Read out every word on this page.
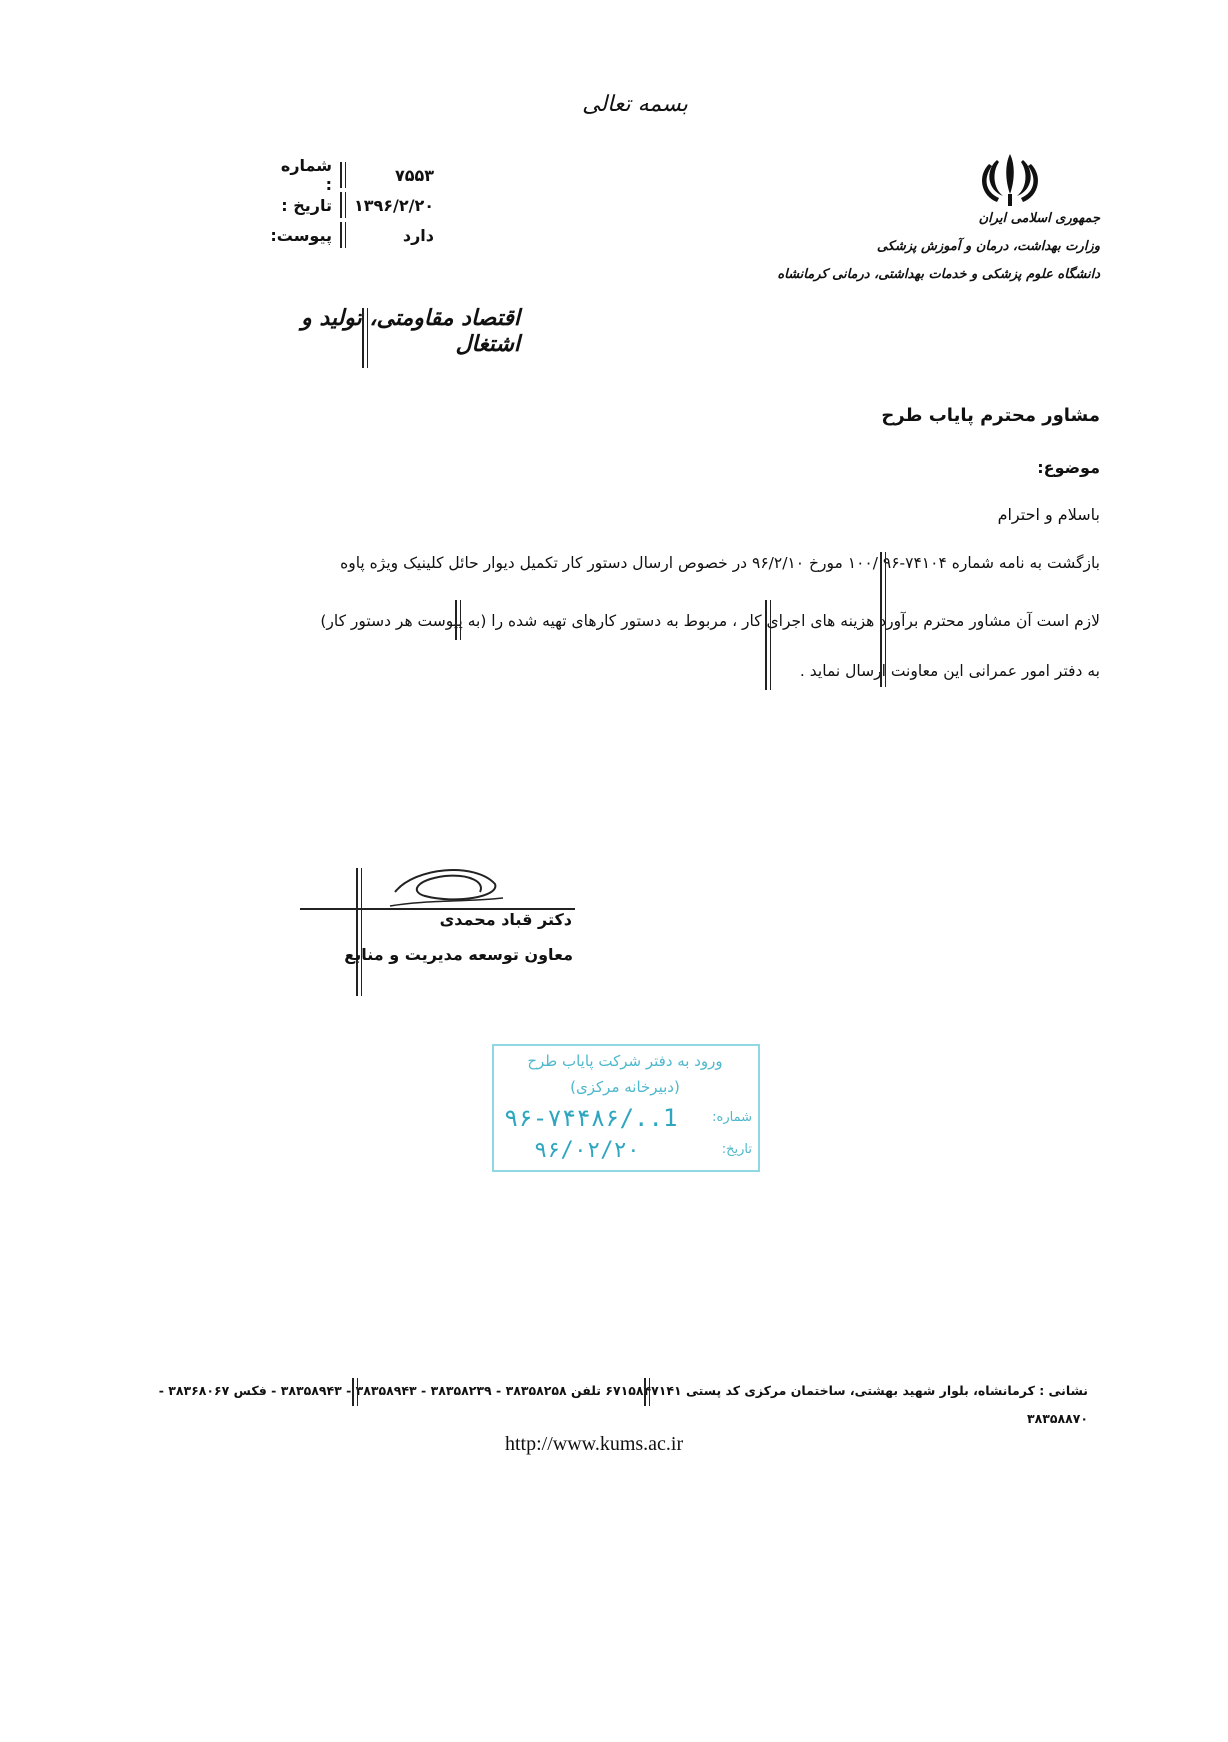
بسمه تعالی
شماره :	۷۵۵۳
تاریخ : ۱۳۹۶/۲/۲۰
پیوست:	دارد
جمهوری اسلامی ایران
وزارت بهداشت، درمان و آموزش پزشکی
دانشگاه علوم پزشکی و خدمات بهداشتی، درمانی کرمانشاه
اقتصاد مقاومتی، تولید و اشتغال
مشاور محترم پایاب طرح
موضوع:
باسلام و احترام
بازگشت به نامه شماره ۷۴۱۰۴-۹۶ /۱۰۰ مورخ ۹۶/۲/۱۰ در خصوص ارسال دستور کار تکمیل دیوار حائل کلینیک ویژه پاوه
لازم است آن مشاور محترم برآورد هزینه های اجرای کار ، مربوط به دستور کارهای تهیه شده را (به پیوست هر دستور کار)
به دفتر امور عمرانی این معاونت ارسال نماید .
دکتر قباد محمدی
معاون توسعه مدیریت و منابع
ورود به دفتر شرکت پایاب طرح
(دبیرخانه مرکزی)
شماره:
تاریخ:
1../۹۶-۷۴۴۸۶
۹۶/۰۲/۲۰
نشانی : کرمانشاه، بلوار شهید بهشتی، ساختمان مرکزی کد پستی ۶۷۱۵۸۴۷۱۴۱ تلفن ۳۸۳۵۸۲۵۸ - ۳۸۳۵۸۲۳۹ - ۳۸۳۵۸۹۴۳ - ۳۸۳۵۸۹۴۳ - فکس ۳۸۳۶۸۰۶۷ -
۳۸۳۵۸۸۷۰
http://www.kums.ac.ir
